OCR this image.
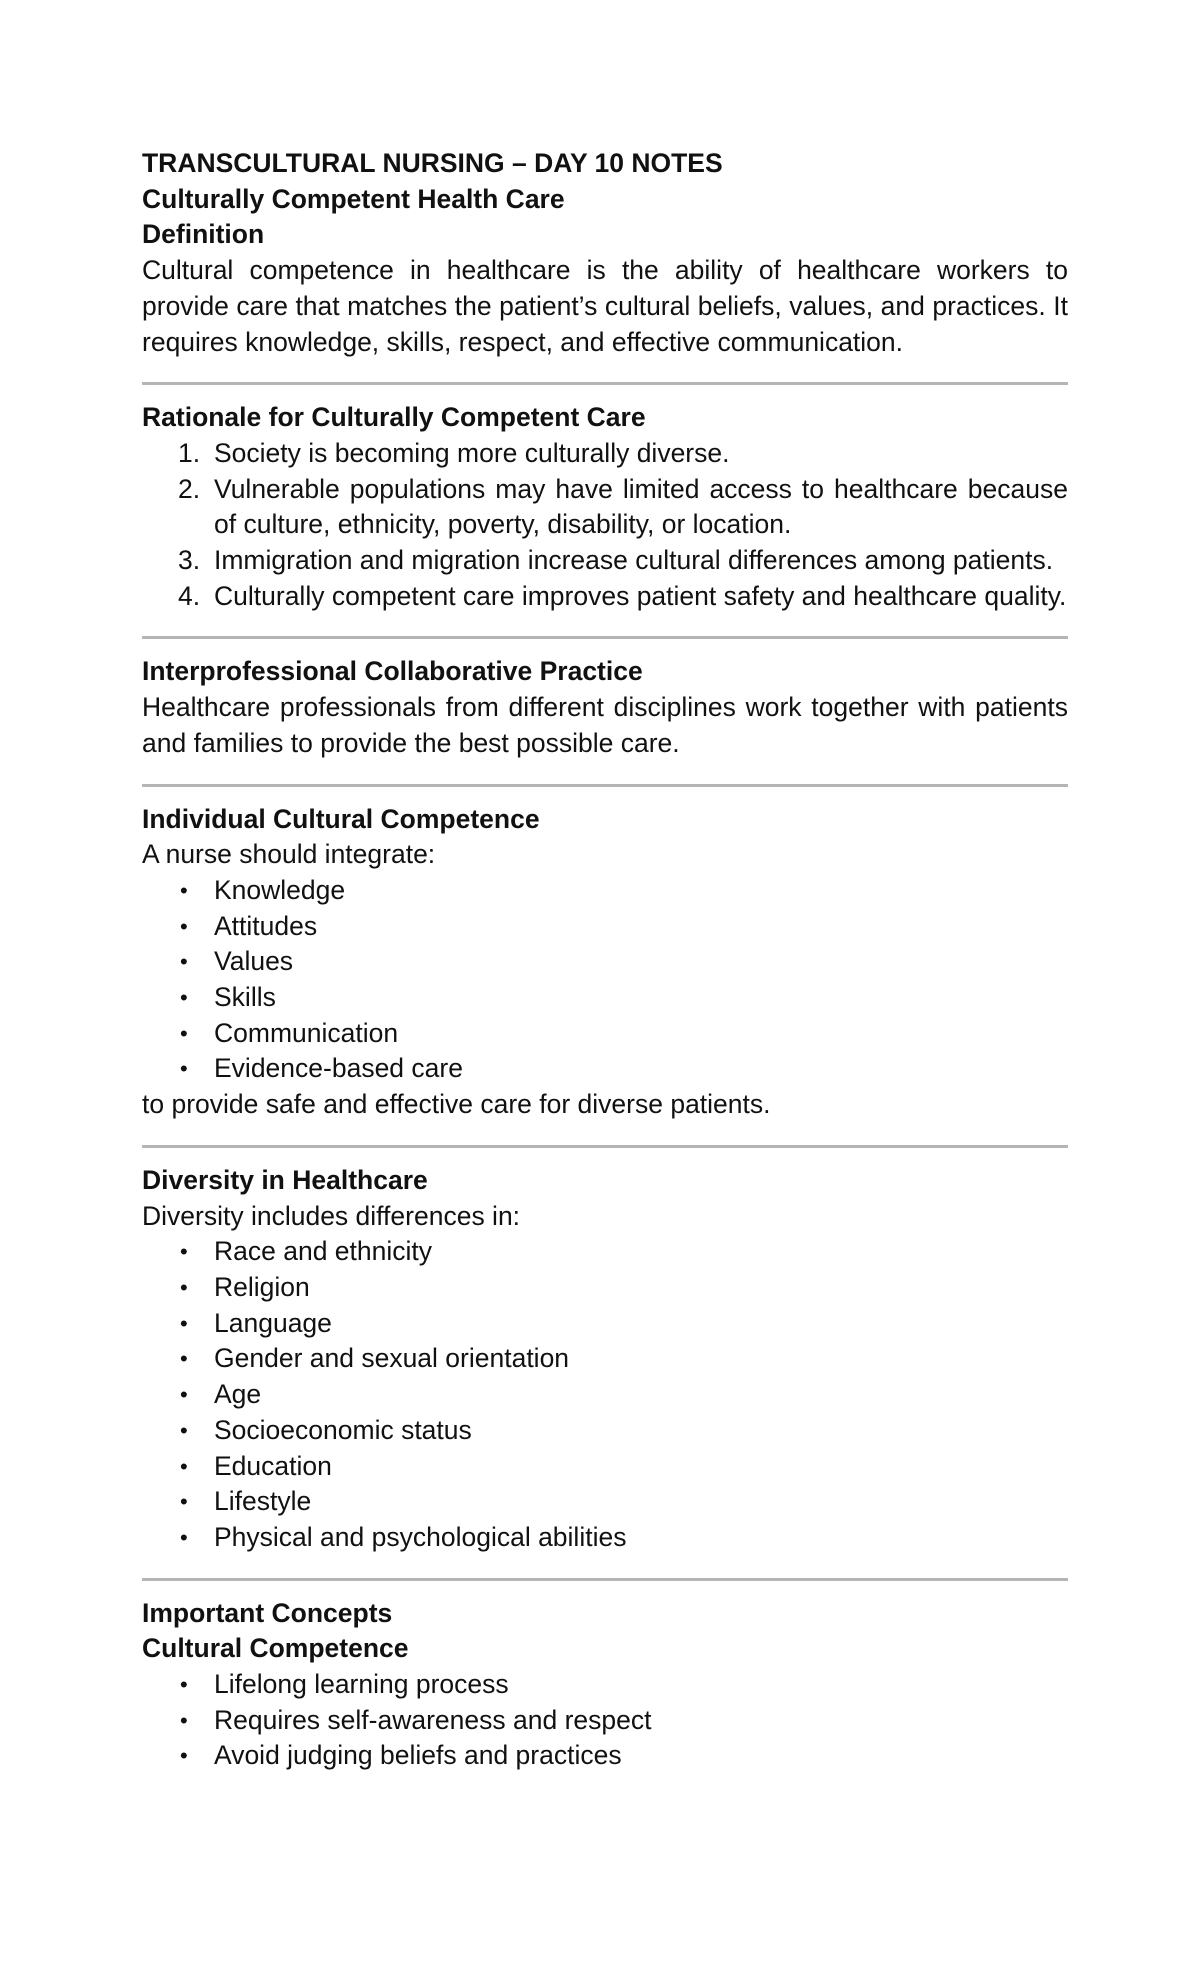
TRANSCULTURAL NURSING – DAY 10 NOTES

Culturally Competent Health Care

Definition

Cultural competence in healthcare is the ability of healthcare workers to provide care that matches the patient’s cultural beliefs, values, and practices. It requires knowledge, skills, respect, and effective communication.

Rationale for Culturally Competent Care

1. Society is becoming more culturally diverse.
2. Vulnerable populations may have limited access to healthcare because of culture, ethnicity, poverty, disability, or location.
3. Immigration and migration increase cultural differences among patients.
4. Culturally competent care improves patient safety and healthcare quality.

Interprofessional Collaborative Practice

Healthcare professionals from different disciplines work together with patients and families to provide the best possible care.

Individual Cultural Competence

A nurse should integrate:

• Knowledge
• Attitudes
• Values
• Skills
• Communication
• Evidence-based care

to provide safe and effective care for diverse patients.

Diversity in Healthcare

Diversity includes differences in:

• Race and ethnicity
• Religion
• Language
• Gender and sexual orientation
• Age
• Socioeconomic status
• Education
• Lifestyle
• Physical and psychological abilities

Important Concepts

Cultural Competence

• Lifelong learning process
• Requires self-awareness and respect
• Avoid judging beliefs and practices
